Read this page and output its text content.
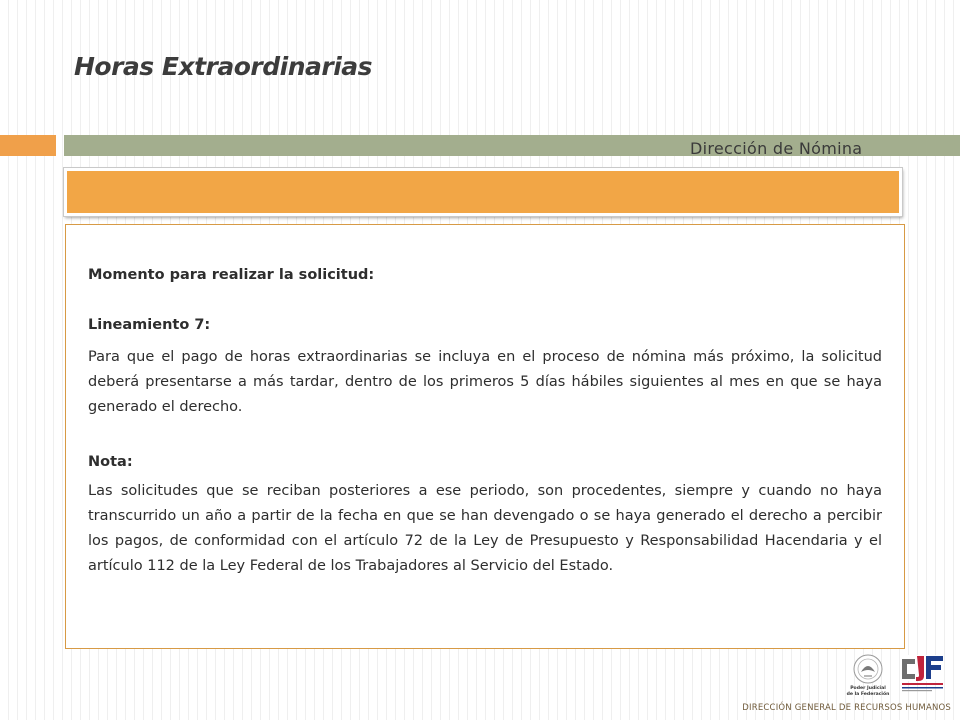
Horas Extraordinarias
Dirección de Nómina

Momento para realizar la solicitud:

Lineamiento 7:

Para que el pago de horas extraordinarias se incluya en el proceso de nómina más próximo, la solicitud deberá presentarse a más tardar, dentro de los primeros 5 días hábiles siguientes al mes en que se haya generado el derecho.

Nota:

Las solicitudes que se reciban posteriores a ese periodo, son procedentes, siempre y cuando no haya transcurrido un año a partir de la fecha en que se han devengado o se haya generado el derecho a percibir los pagos, de conformidad con el artículo 72 de la Ley de Presupuesto y Responsabilidad Hacendaria y el artículo 112 de la Ley Federal de los Trabajadores al Servicio del Estado.

Poder Judicial
de la Federación
DIRECCIÓN GENERAL DE RECURSOS HUMANOS
